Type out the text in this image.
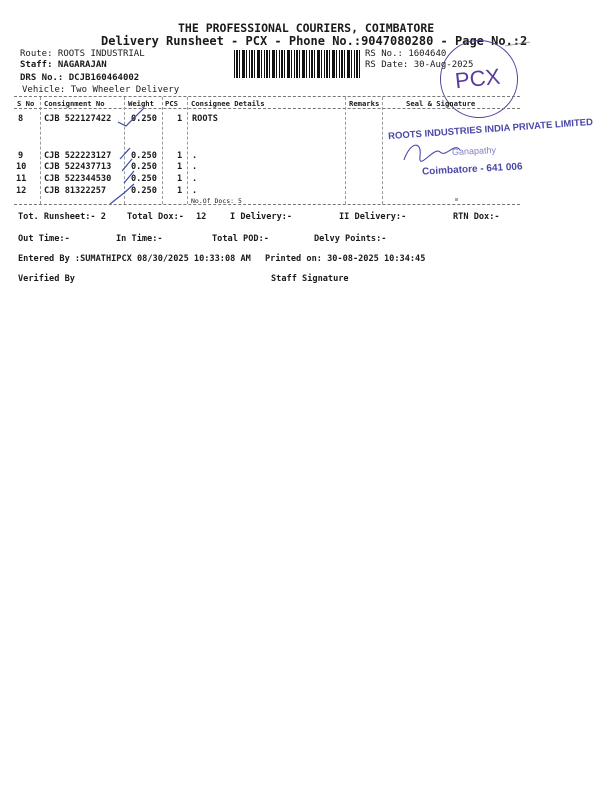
THE PROFESSIONAL COURIERS, COIMBATORE
Delivery Runsheet - PCX - Phone No.:9047080280 - Page No.:2
Route: ROOTS INDUSTRIAL
Staff: NAGARAJAN
DRS No.: DCJB160464002
Vehicle: Two Wheeler Delivery
RS No.: 1604640
RS Date: 30-Aug-2025
PCX
S No Consignment No	Weight PCS Consignee Details	Remarks	Seal & Signature
8 CJB 522127422 0.250 1 ROOTS
9 CJB 522223127 0.250 1 .
10 CJB 522437713 0.250 1 .
11 CJB 522344530 0.250 1 .
12 CJB 81322257	0.250 1 .
No.Of Docs: 5
ROOTS INDUSTRIES INDIA PRIVATE LIMITED
Ganapathy
Coimbatore - 641 006
Tot. Runsheet:- 2 Total Dox:- 12	I Delivery:-	II Delivery:-	RTN Dox:-
Out Time:-	In Time:-	Total POD:-	Delvy Points:-
Entered By :SUMATHIPCX 08/30/2025 10:33:08 AM Printed on: 30-08-2025 10:34:45
Verified By	Staff Signature
